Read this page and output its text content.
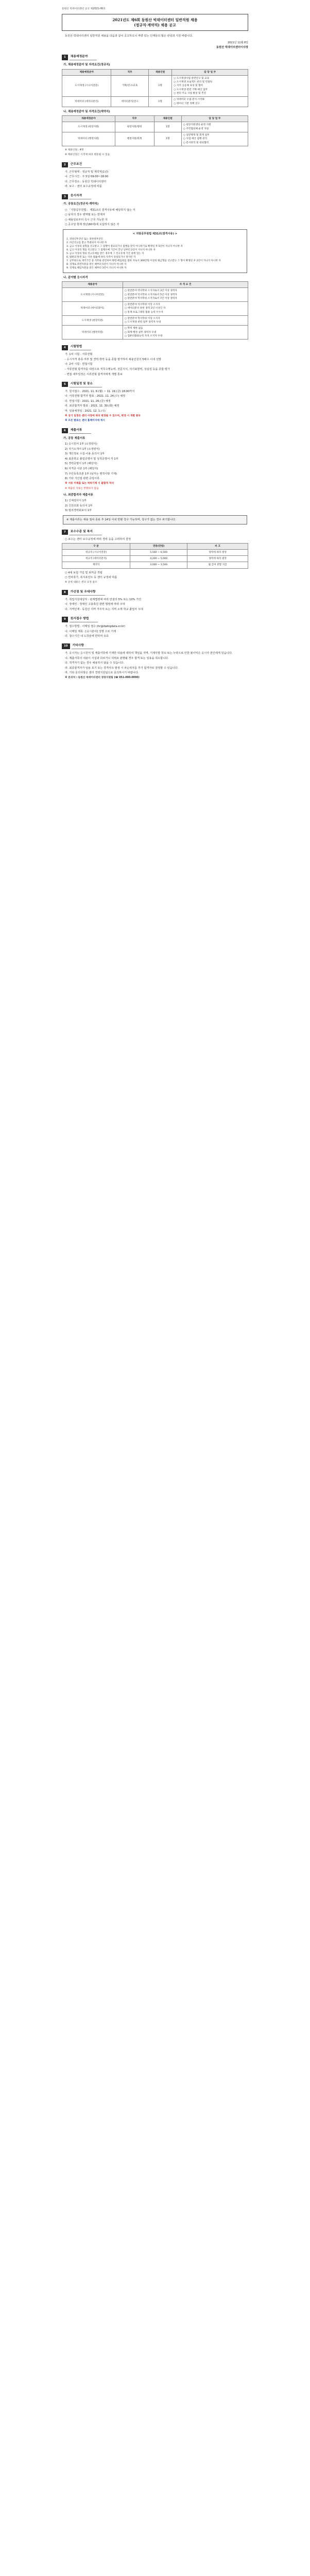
동원산 빅데이터센터 공고 제2021-06호
2021년도 제6회 동원산 빅데이터센터 일반직원 채용
(정규직·계약직) 채용 공고
동원산 빅데이터센터 일반직원 채용을 다음과 같이 공고하오니 역량 있는 인재들의 많은 관심과 지원 바랍니다.
2021년 11월 8일
동원산 빅데이터센터이사장
1	채용예정분야
가. 채용예정분야 및 자격요건(정규직)
채용예정분야	직무	채용인원	담 당 업 무
도시재생 (시니어전문)	기획/연구/교육	1명	○ 도시재생사업 관련연구 및 교육
○ 도시재생 프로젝트 관리 및 컨설팅
○ 지역 공동체 육성 및 협력
○ 도시재생 관련 기획·예산 업무
○ 센터 주요 사업 발굴 및 추진

빅데이터 (데이터분석)	데이터분석/연구	1명	○ 빅데이터 수집·분석·시각화
○ 데이터 기반 정책 연구
나. 채용예정분야 및 자격요건(계약직)
채용예정분야	직무	채용인원	담 당 업 무
도시재생 (현장지원)	현장지원/행정	1명	○ 현장지원센터 운영 지원
○ 주민협의체 운영 지원

빅데이터 (행정지원)	행정지원/회계	1명	○ 일반행정 및 회계 업무
○ 사업 예산 집행 관리
○ 문서관리 및 대외협력
※ 채용인원 : 4명
※ 채용인원은 사정에 따라 변동될 수 있음
2	근무조건
가. 근무형태 : 정규직 및 계약직(1년)
나. 근무시간 : 주 5일 09:00~18:00
다. 근무장소 : 동원산 빅데이터센터
라. 보수 : 센터 보수규정에 따름
3	응시자격
가. 공통요건(정규직·계약직)
○ 「지방공무원법」 제31조의 결격사유에 해당하지 않는 자
○ 남자의 경우 병역필 또는 면제자
○ 채용일로부터 즉시 근무 가능한 자
○ 공고일 현재 정년(60세)에 도달하지 않은 자
< 지방공무원법 제31조(결격사유) >
1. 피성년후견인 또는 피한정후견인
2. 파산선고를 받고 복권되지 아니한 자
3. 금고 이상의 실형을 선고받고 그 집행이 종료되거나 집행을 받지 아니하기로 확정된 후 5년이 지나지 아니한 자
4. 금고 이상의 형을 선고받고 그 집행유예 기간이 끝난 날부터 2년이 지나지 아니한 자
5. 금고 이상의 형의 선고유예를 받은 경우에 그 선고유예 기간 중에 있는 자
6. 법원의 판결 또는 다른 법률에 따라 자격이 상실되거나 정지된 자
7. 공무원으로 재직기간 중 직무와 관련하여 횡령·배임죄를 범한 자로서 300만원 이상의 벌금형을 선고받고 그 형이 확정된 후 2년이 지나지 아니한 자
8. 징계로 파면처분을 받은 때부터 5년이 지나지 아니한 자
9. 징계로 해임처분을 받은 때부터 3년이 지나지 아니한 자
나. 분야별 응시자격
채용분야	자 격 요 건
도시재생 (시니어전문)	○ 관련분야 박사학위 소지자로서 3년 이상 경력자
○ 관련분야 석사학위 소지자로서 5년 이상 경력자
○ 관련분야 학사학위 소지자로서 7년 이상 경력자

빅데이터 (데이터분석)	○ 관련분야 석사학위 이상 소지자
○ 데이터분석 관련 경력 2년 이상인 자
○ 통계·프로그래밍 활용 능력 우수자

도시재생 (현장지원)	○ 관련분야 학사학위 이상 소지자
○ 도시재생 관련 업무 경력자 우대

빅데이터 (행정지원)	○ 학력 제한 없음
○ 회계·행정 실무 경력자 우대
○ 컴퓨터활용능력 자격 소지자 우대
4	시험방법
가. 1차 시험 : 서류전형
- 응시자격 충족 여부 및 경력·학력 등을 종합 평가하여 채용인원의 5배수 이내 선발
나. 2차 시험 : 면접시험
- 서류전형 합격자를 대상으로 직무수행능력, 전문지식, 의사표현력, 성실성 등을 종합 평가
- 면접 세부일정은 서류전형 합격자에게 개별 통보
5	시험일정 및 장소
가. 원서접수 : 2021. 11. 8.(월) ~ 11. 19.(금) 18:00까지
나. 서류전형 합격자 발표 : 2021. 11. 24.(수) 예정
다. 면접시험 : 2021. 11. 26.(금) 예정
라. 최종합격자 발표 : 2021. 11. 30.(화) 예정
마. 임용예정일 : 2021. 12. 1.(수)
※ 상기 일정은 센터 사정에 따라 변경될 수 있으며, 변경 시 개별 통보
※ 모든 발표는 센터 홈페이지에 게시
6	제출서류
가. 공통 제출서류
1) 응시원서 1부 (소정양식)
2) 자기소개서 1부 (소정양식)
3) 개인정보 수집·이용 동의서 1부
4) 최종학교 졸업증명서 및 성적증명서 각 1부
5) 경력증명서 1부 (해당자)
6) 자격증 사본 1부 (해당자)
7) 주민등록초본 1부 (남자는 병적사항 기재)
8) 기타 가산점 관련 증빙서류
※ 서류 미제출 또는 허위기재 시 불합격 처리
※ 제출된 서류는 반환하지 않음
나. 최종합격자 제출서류
1) 신체검사서 1부
2) 신원조회 동의서 1부
3) 범죄경력회보서 1부
※ 제출서류는 채용 절차 종료 후 14일 이내 반환 청구 가능하며, 청구가 없는 경우 파기합니다.
7	보수수준 및 복지
○ 보수는 센터 보수규정에 따라 경력 등을 고려하여 결정
구 분	연봉(만원)	비 고
정규직 (시니어전문)	5,500 ~ 6,500	경력에 따라 결정
정규직 (데이터분석)	4,200 ~ 5,000	경력에 따라 결정
계약직	3,000 ~ 3,500	월 급여 분할 지급
○ 4대 보험 가입 및 퇴직금 적립
○ 연차휴가, 복지포인트 등 센터 규정에 따름
※ 상세 내용은 센터 규정 참조
8	가산점 및 우대사항
가. 취업지원대상자 : 관계법령에 따라 만점의 5% 또는 10% 가산
나. 장애인 : 장애인 고용촉진 관련 법령에 따라 우대
다. 지역인재 : 동원산 지역 거주자 또는 지역 소재 학교 졸업자 우대
9	원서접수 방법
가. 접수방법 : 이메일 접수 (hr@dwbigdata.or.kr)
나. 이메일 제목 : [응시분야] 성명 으로 기재
다. 접수기간 내 도착분에 한하여 유효
10	기타사항
가. 응시자는 응시원서 및 제출서류에 기재한 내용에 대하여 책임을 지며, 기재사항 착오 또는 누락으로 인한 불이익은 응시자 본인에게 있습니다.
나. 제출서류의 내용이 사실과 다르거나 허위로 판명될 경우 합격 또는 임용을 취소합니다.
다. 적격자가 없는 경우 채용하지 않을 수 있습니다.
라. 최종합격자가 임용 포기 또는 결격사유 발생 시 차순위자를 추가 합격자로 결정할 수 있습니다.
마. 기타 문의사항은 센터 경영지원팀으로 문의하시기 바랍니다.
※ 문의처 : 동원산 빅데이터센터 경영지원팀 (☎ 051-000-0000)
